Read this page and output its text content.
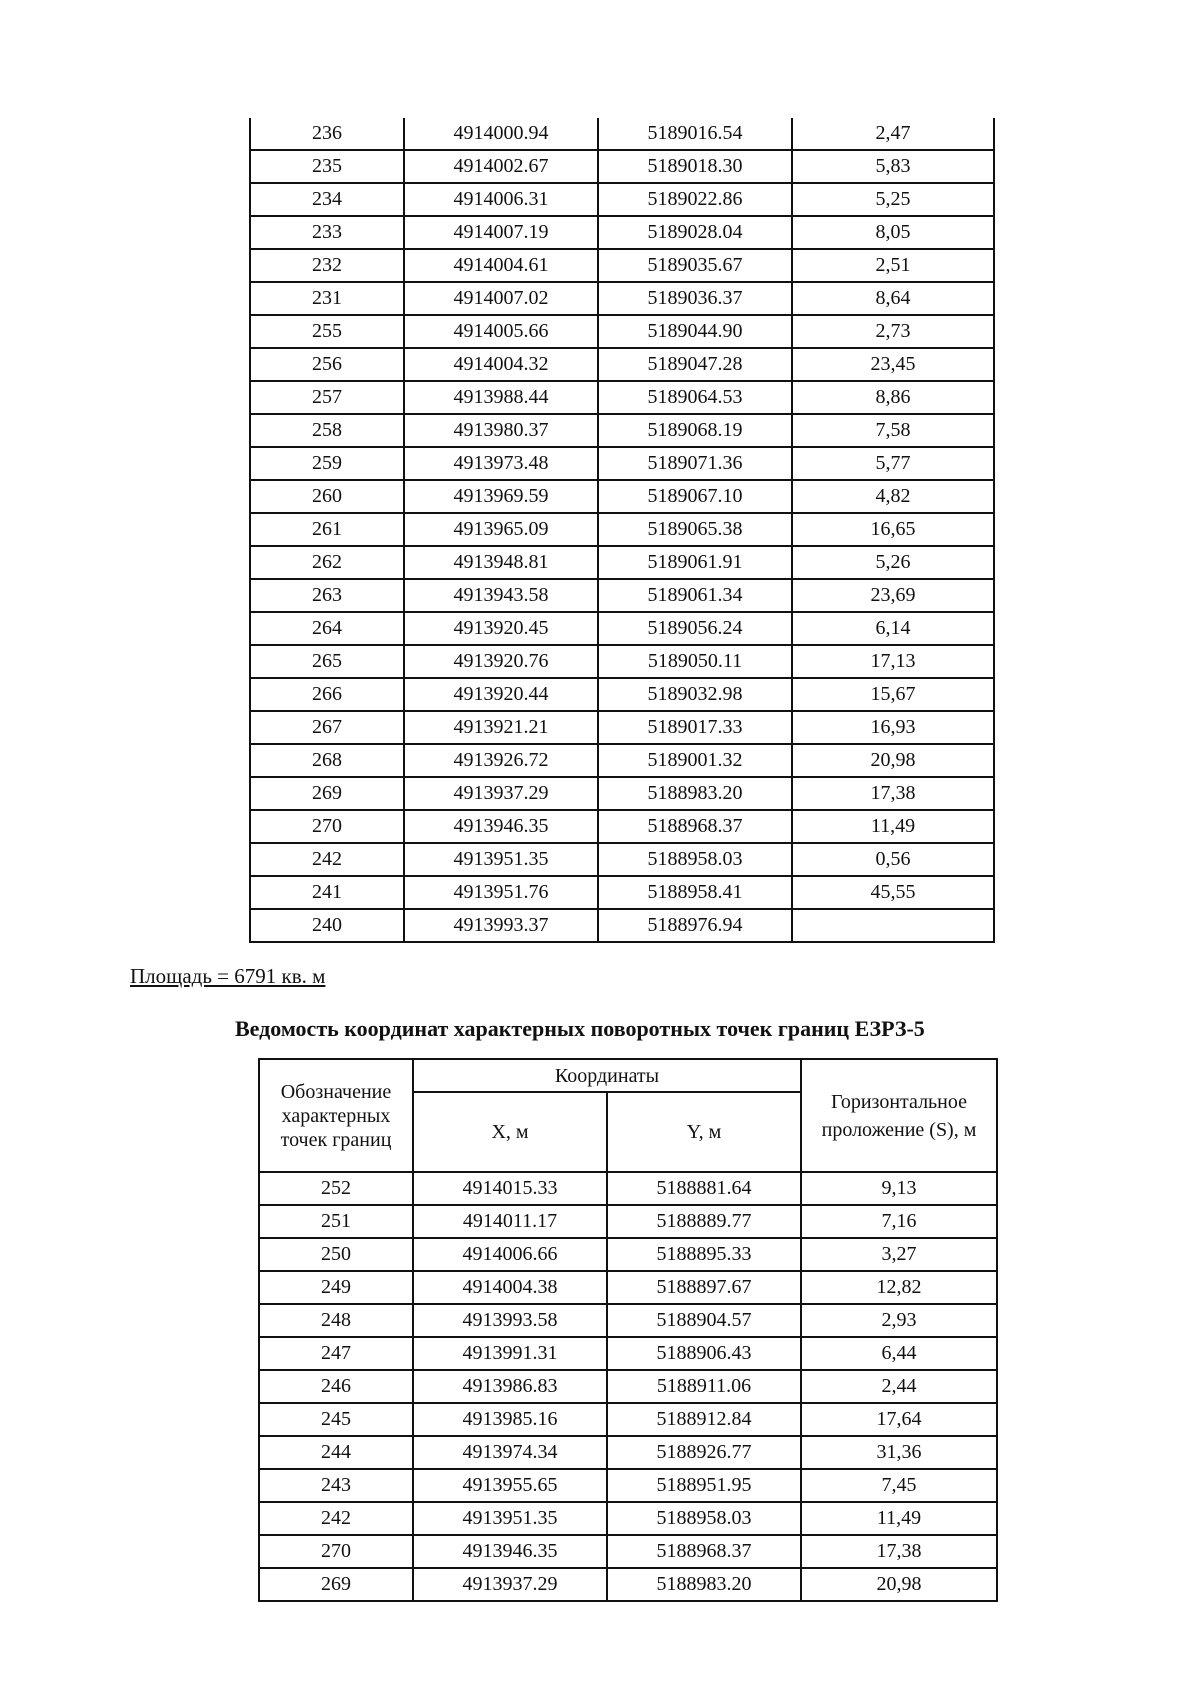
236	4914000.94	5189016.54	2,47
235	4914002.67	5189018.30	5,83
234	4914006.31	5189022.86	5,25
233	4914007.19	5189028.04	8,05
232	4914004.61	5189035.67	2,51
231	4914007.02	5189036.37	8,64
255	4914005.66	5189044.90	2,73
256	4914004.32	5189047.28	23,45
257	4913988.44	5189064.53	8,86
258	4913980.37	5189068.19	7,58
259	4913973.48	5189071.36	5,77
260	4913969.59	5189067.10	4,82
261	4913965.09	5189065.38	16,65
262	4913948.81	5189061.91	5,26
263	4913943.58	5189061.34	23,69
264	4913920.45	5189056.24	6,14
265	4913920.76	5189050.11	17,13
266	4913920.44	5189032.98	15,67
267	4913921.21	5189017.33	16,93
268	4913926.72	5189001.32	20,98
269	4913937.29	5188983.20	17,38
270	4913946.35	5188968.37	11,49
242	4913951.35	5188958.03	0,56
241	4913951.76	5188958.41	45,55
240	4913993.37	5188976.94	
Площадь = 6791 кв. м
Ведомость координат характерных поворотных точек границ ЕЗРЗ-5
Обозначение характерных точек границ	Координаты		Горизонтальное проложение (S), м
	X, м	Y, м	
252	4914015.33	5188881.64	9,13
251	4914011.17	5188889.77	7,16
250	4914006.66	5188895.33	3,27
249	4914004.38	5188897.67	12,82
248	4913993.58	5188904.57	2,93
247	4913991.31	5188906.43	6,44
246	4913986.83	5188911.06	2,44
245	4913985.16	5188912.84	17,64
244	4913974.34	5188926.77	31,36
243	4913955.65	5188951.95	7,45
242	4913951.35	5188958.03	11,49
270	4913946.35	5188968.37	17,38
269	4913937.29	5188983.20	20,98
